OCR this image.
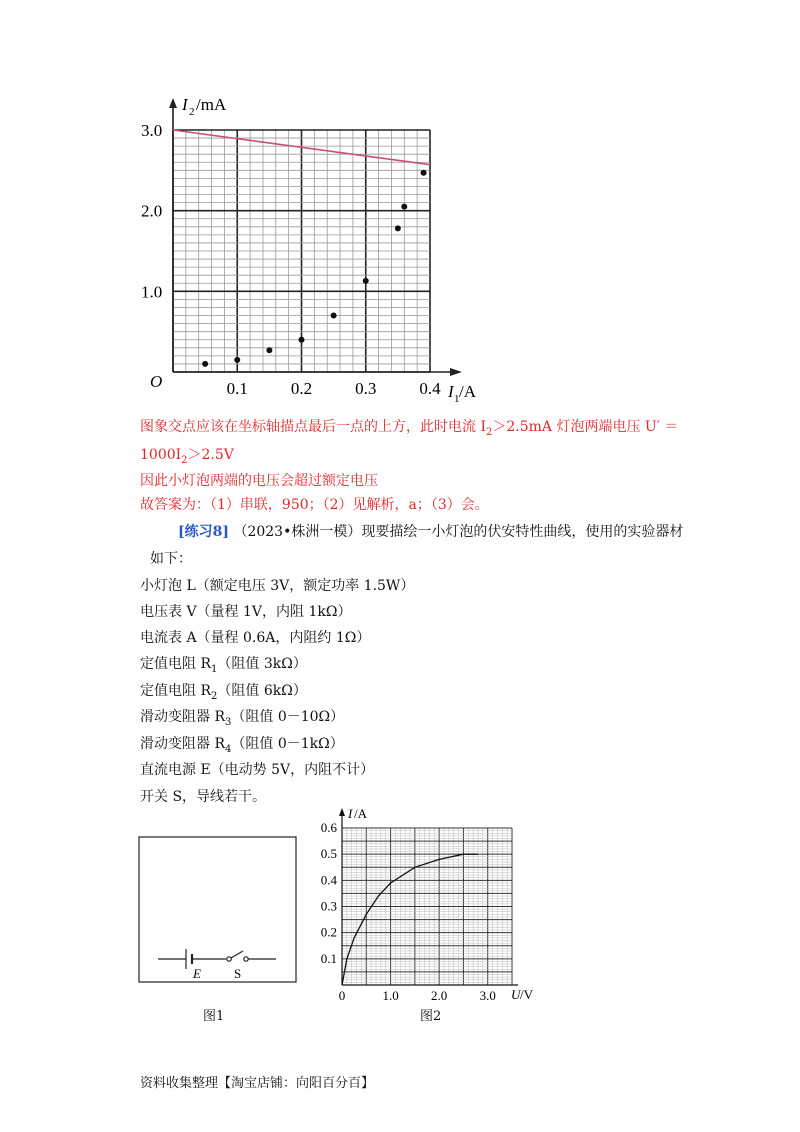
3.0
2.0
1.0
0.1	0.2	0.3	0.4
I 2 /mA
I 1 /A
O
图象交点应该在坐标轴描点最后一点的上方，此时电流 $I_2>2.5mA$ 灯泡两端电压 U′ ＝
$1000I_2>2.5V$
因此小灯泡两端的电压会超过额定电压
故答案为：（1）串联，950；（2）见解析，a；（3）会。
[练习8] （2023•株洲一模）现要描绘一小灯泡的伏安特性曲线，使用的实验器材
如下：
小灯泡 L（额定电压 3V，额定功率 1.5W）
电压表 V（量程 1V，内阻 1kΩ）
电流表 A（量程 0.6A，内阻约 1Ω）
定值电阻 $R_1$（阻值 3kΩ）
定值电阻 $R_2$（阻值 6kΩ）
滑动变阻器 $R_3$（阻值 0－10Ω）
滑动变阻器 $R_4$（阻值 0－1kΩ）
直流电源 E（电动势 5V，内阻不计）
开关 S，导线若干。
E	S
图1
0.6
0.5
0.4
0.3
0.2
0.1
0	1.0 2.0 3.0
I /A
U /V
图2
资料收集整理【淘宝店铺：向阳百分百】
